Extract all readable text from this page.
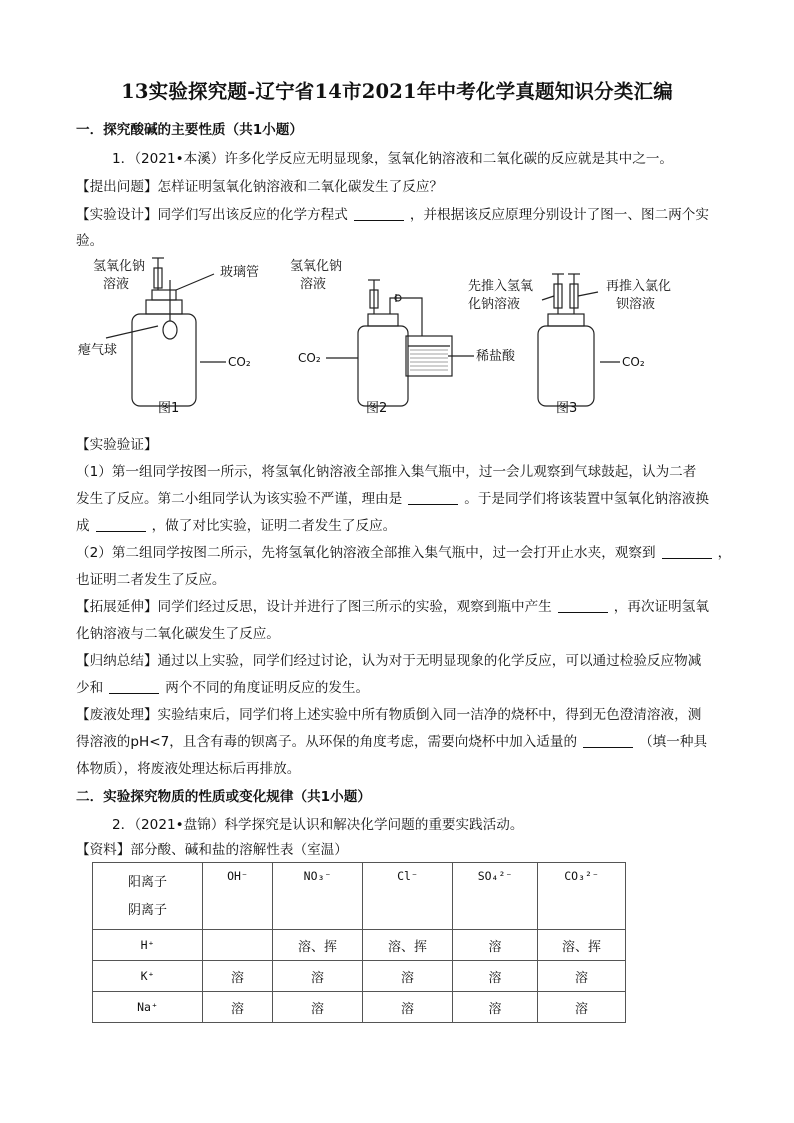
13实验探究题-辽宁省14市2021年中考化学真题知识分类汇编
一．探究酸碱的主要性质（共1小题）
1．（2021•本溪）许多化学反应无明显现象，氢氧化钠溶液和二氧化碳的反应就是其中之一。
【提出问题】怎样证明氢氧化钠溶液和二氧化碳发生了反应？
【实验设计】同学们写出该反应的化学方程式	，并根据该反应原理分别设计了图一、图二两个实
验。
氢氧化钠
溶液
玻璃管
瘪气球
CO₂
图1
氢氧化钠
溶液
CO₂	稀盐酸
图2
先推入氢氧
化钠溶液
再推入氯化
钡溶液
CO₂
图3
【实验验证】
（1）第一组同学按图一所示，将氢氧化钠溶液全部推入集气瓶中，过一会儿观察到气球鼓起，认为二者
发生了反应。第二小组同学认为该实验不严谨，理由是	。于是同学们将该装置中氢氧化钠溶液换
成	，做了对比实验，证明二者发生了反应。
（2）第二组同学按图二所示，先将氢氧化钠溶液全部推入集气瓶中，过一会打开止水夹，观察到	，
也证明二者发生了反应。
【拓展延伸】同学们经过反思，设计并进行了图三所示的实验，观察到瓶中产生	，再次证明氢氧
化钠溶液与二氧化碳发生了反应。
【归纳总结】通过以上实验，同学们经过讨论，认为对于无明显现象的化学反应，可以通过检验反应物减
少和	两个不同的角度证明反应的发生。
【废液处理】实验结束后，同学们将上述实验中所有物质倒入同一洁净的烧杯中，得到无色澄清溶液，测
得溶液的pH<7，且含有毒的钡离子。从环保的角度考虑，需要向烧杯中加入适量的	（填一种具
体物质），将废液处理达标后再排放。
二．实验探究物质的性质或变化规律（共1小题）
2．（2021•盘锦）科学探究是认识和解决化学问题的重要实践活动。
【资料】部分酸、碱和盐的溶解性表（室温）
阳离子
阴离子	OH⁻	NO₃⁻	Cl⁻	SO₄²⁻	CO₃²⁻
H⁺		溶、挥	溶、挥	溶	溶、挥
K⁺	溶	溶	溶	溶	溶
Na⁺	溶	溶	溶	溶	溶
